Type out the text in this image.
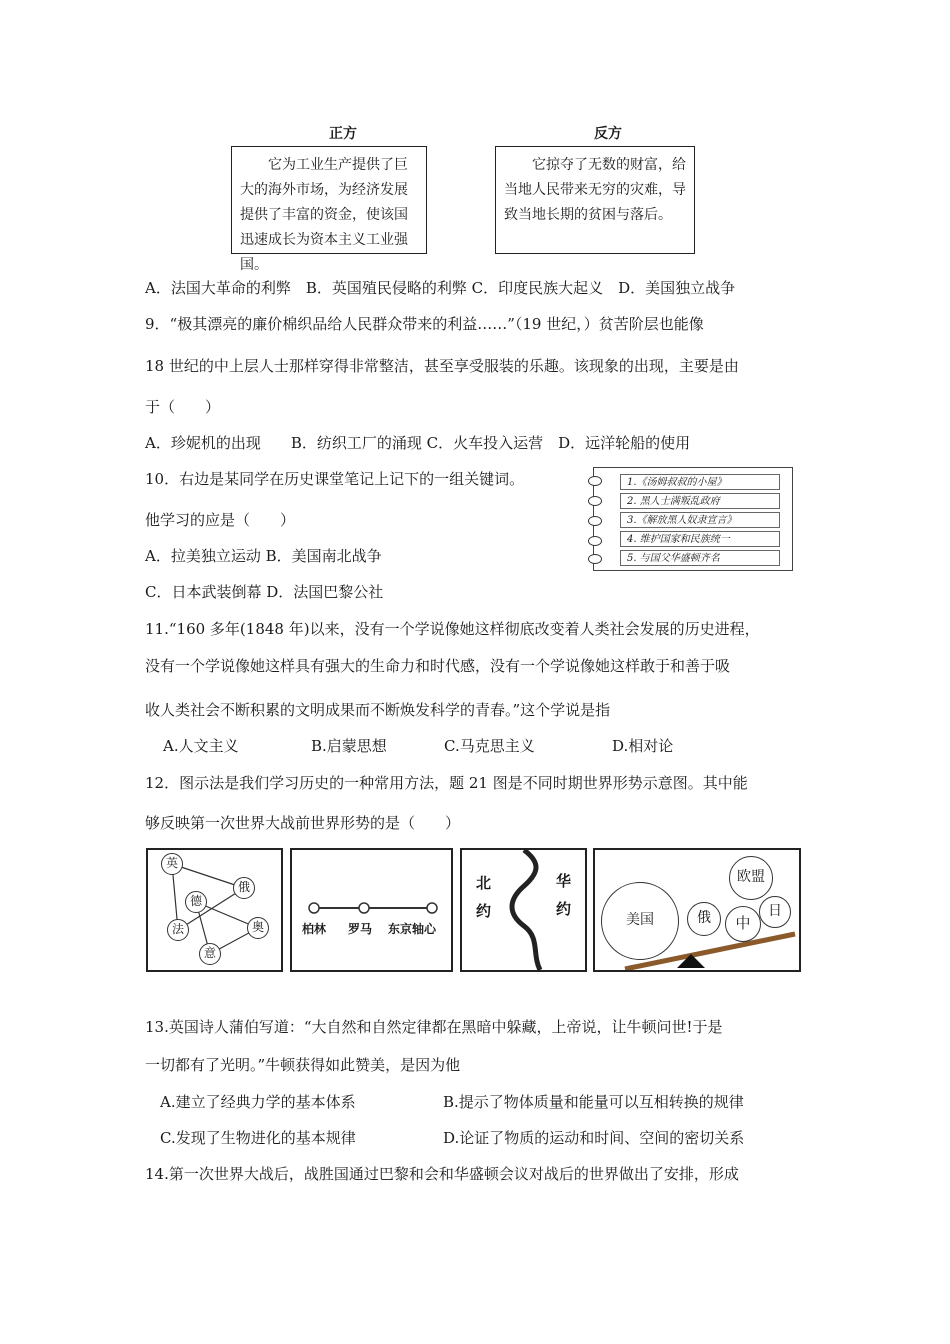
正方	反方
　　它为工业生产提供了巨大的海外市场，为经济发展提供了丰富的资金，使该国迅速成长为资本主义工业强国。
　　它掠夺了无数的财富，给当地人民带来无穷的灾难，导致当地长期的贫困与落后。
A．法国大革命的利弊　B．英国殖民侵略的利弊 C．印度民族大起义　D．美国独立战争
9．“极其漂亮的廉价棉织品给人民群众带来的利益……”（19 世纪，）贫苦阶层也能像
18 世纪的中上层人士那样穿得非常整洁，甚至享受服装的乐趣。该现象的出现，主要是由
于（　　）
A．珍妮机的出现　　B．纺织工厂的涌现 C．火车投入运营　D．远洋轮船的使用
10．右边是某同学在历史课堂笔记上记下的一组关键词。
他学习的应是（　　）
A．拉美独立运动 B．美国南北战争
C．日本武装倒幕 D．法国巴黎公社
1.《汤姆叔叔的小屋》
2. 黑人士满叛乱政府
3.《解放黑人奴隶宣言》
4. 维护国家和民族统一
5. 与国父华盛顿齐名
11.“160 多年(1848 年)以来，没有一个学说像她这样彻底改变着人类社会发展的历史进程，
没有一个学说像她这样具有强大的生命力和时代感，没有一个学说像她这样敢于和善于吸
收人类社会不断积累的文明成果而不断焕发科学的青春。”这个学说是指
A.人文主义	B.启蒙思想	C.马克思主义	D.相对论
12．图示法是我们学习历史的一种常用方法，题 21 图是不同时期世界形势示意图。其中能
够反映第一次世界大战前世界形势的是（　　）
英
德
俄
法	奥
意
柏林 罗马 东京轴心
北
约
华
约
美国	俄	中
欧盟
日
13.英国诗人蒲伯写道：“大自然和自然定律都在黑暗中躲藏，上帝说，让牛顿问世!于是
一切都有了光明。”牛顿获得如此赞美，是因为他
A.建立了经典力学的基本体系	B.提示了物体质量和能量可以互相转换的规律
C.发现了生物进化的基本规律	D.论证了物质的运动和时间、空间的密切关系
14.第一次世界大战后，战胜国通过巴黎和会和华盛顿会议对战后的世界做出了安排，形成
